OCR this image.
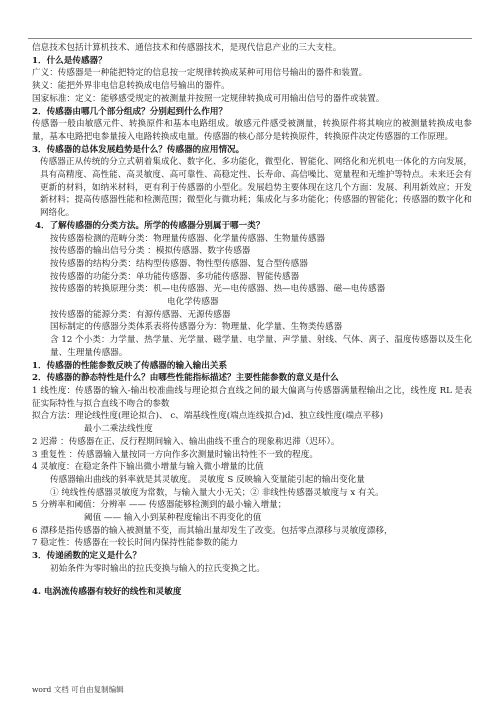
信息技术包括计算机技术、通信技术和传感器技术，是现代信息产业的三大支柱。
1．什么是传感器？
广义：传感器是一种能把特定的信息按一定规律转换成某种可用信号输出的器件和装置。
狭义：能把外界非电信息转换成电信号输出的器件。
国家标准：定义：能够感受规定的被测量并按照一定规律转换成可用输出信号的器件或装置。
2．传感器由哪几个部分组成？分别起到什么作用？
传感器一般由敏感元件、转换原件和基本电路组成。敏感元件感受被测量，转换原件将其响应的被测量转换成电参量，基本电路把电参量接入电路转换成电量。传感器的核心部分是转换原件，转换原件决定传感器的工作原理。
3．传感器的总体发展趋势是什么？传感器的应用情况。
传感器正从传统的分立式朝着集成化、数字化、多功能化，微型化、智能化、网络化和光机电一体化的方向发展，具有高精度、高性能、高灵敏度、高可靠性、高稳定性、长寿命、高信噪比、宽量程和无维护等特点。未来还会有更新的材料，如纳米材料，更有利于传感器的小型化。发展趋势主要体现在这几个方面：发展、利用新效应；开发新材料；提高传感器性能和检测范围；微型化与微功耗；集成化与多功能化；传感器的智能化；传感器的数字化和网络化。
4．了解传感器的分类方法。所学的传感器分别属于哪一类？
按传感器检测的范畴分类：物理量传感器、化学量传感器、生物量传感器
按传感器的输出信号分类 ：模拟传感器、数字传感器
按传感器的结构分类：结构型传感器、物性型传感器、复合型传感器
按传感器的功能分类：单功能传感器、多功能传感器、智能传感器
按传感器的转换原理分类：机—电传感器、光—电传感器、热—电传感器、磁—电传感器
电化学传感器
按传感器的能源分类：有源传感器、无源传感器
国标制定的传感器分类体系表将传感器分为：物理量、化学量、生物类传感器
含 12 个小类：力学量、热学量、光学量、磁学量、电学量、声学量、射线、气体、离子、温度传感器以及生化量、生理量传感器。
1．传感器的性能参数反映了传感器的输入输出关系
2．传感器的静态特性是什么？由哪些性能指标描述？主要性能参数的意义是什么
1 线性度：传感器的输入-输出校准曲线与理论拟合直线之间的最大偏离与传感器满量程输出之比，线性度 RL 是表征实际特性与拟合直线不吻合的参数
拟合方法：理论线性度(理论拟合)、 c、端基线性度(端点连线拟合)d、独立线性度(端点平移)
最小二乘法线性度
2 迟滞 ：传感器在正、反行程期间输入、输出曲线不重合的现象称迟滞（迟环）。
3 重复性 ：传感器输入量按同一方向作多次测量时输出特性不一致的程度。
4 灵敏度：在稳定条件下输出微小增量与输入微小增量的比值
传感器输出曲线的斜率就是其灵敏度。 灵敏度 S 反映输入变量能引起的输出变化量
① 纯线性传感器灵敏度为常数，与输入量大小无关；② 非线性传感器灵敏度与 x 有关。
5 分辨率和阈值：分辨率 —— 传感器能够检测到的最小输入增量；
阈值 —— 输入小到某种程度输出不再变化的值
6 漂移是指传感器的输入被测量不变，而其输出量却发生了改变。包括零点漂移与灵敏度漂移，
7 稳定性：传感器在一较长时间内保持性能参数的能力
3．传递函数的定义是什么？
初始条件为零时输出的拉氏变换与输入的拉氏变换之比。
4. 电涡流传感器有较好的线性和灵敏度
word 文档 可自由复制编辑
